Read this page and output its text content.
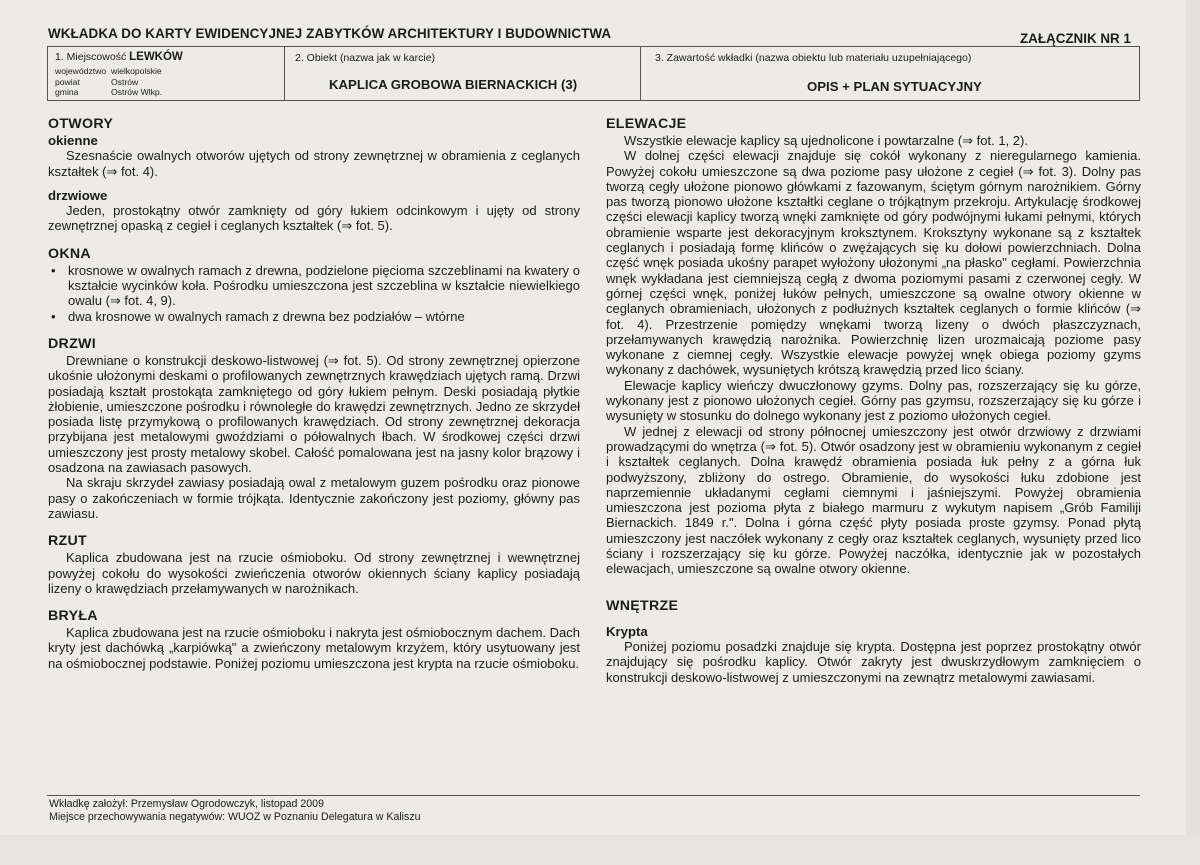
WKŁADKA DO KARTY EWIDENCYJNEJ ZABYTKÓW ARCHITEKTURY I BUDOWNICTWA	ZAŁĄCZNIK NR 1
1. Miejscowość LEWKÓW
województwo wielkopolskie
powiat	Ostrów
gmina	Ostrów Wlkp.
2. Obiekt (nazwa jak w karcie)
KAPLICA GROBOWA BIERNACKICH (3)
3. Zawartość wkładki (nazwa obiektu lub materiału uzupełniającego)
OPIS + PLAN SYTUACYJNY
OTWORY
okienne

Szesnaście owalnych otworów ujętych od strony zewnętrznej w obramienia z ceglanych kształtek (⇒ fot. 4).

drzwiowe

Jeden, prostokątny otwór zamknięty od góry łukiem odcinkowym i ujęty od strony zewnętrznej opaską z cegieł i ceglanych kształtek (⇒ fot. 5).

OKNA
• krosnowe w owalnych ramach z drewna, podzielone pięcioma szczeblinami na kwatery o kształcie wycinków koła. Pośrodku umieszczona jest szczeblina w kształcie niewielkiego owalu (⇒ fot. 4, 9).
• dwa krosnowe w owalnych ramach z drewna bez podziałów – wtórne
DRZWI

Drewniane o konstrukcji deskowo-listwowej (⇒ fot. 5). Od strony zewnętrznej opierzone ukośnie ułożonymi deskami o profilowanych zewnętrznych krawędziach ujętych ramą. Drzwi posiadają kształt prostokąta zamkniętego od góry łukiem pełnym. Deski posiadają płytkie żłobienie, umieszczone pośrodku i równoległe do krawędzi zewnętrznych. Jedno ze skrzydeł posiada listę przymykową o profilowanych krawędziach. Od strony zewnętrznej dekoracja przybijana jest metalowymi gwoździami o półowalnych łbach. W środkowej części drzwi umieszczony jest prosty metalowy skobel. Całość pomalowana jest na jasny kolor brązowy i osadzona na zawiasach pasowych.

Na skraju skrzydeł zawiasy posiadają owal z metalowym guzem pośrodku oraz pionowe pasy o zakończeniach w formie trójkąta. Identycznie zakończony jest poziomy, główny pas zawiasu.

RZUT

Kaplica zbudowana jest na rzucie ośmioboku. Od strony zewnętrznej i wewnętrznej powyżej cokołu do wysokości zwieńczenia otworów okiennych ściany kaplicy posiadają lizeny o krawędziach przełamywanych w narożnikach.

BRYŁA

Kaplica zbudowana jest na rzucie ośmioboku i nakryta jest ośmiobocznym dachem. Dach kryty jest dachówką „karpiówką" a zwieńczony metalowym krzyżem, który usytuowany jest na ośmiobocznej podstawie. Poniżej poziomu umieszczona jest krypta na rzucie ośmioboku.

ELEWACJE

Wszystkie elewacje kaplicy są ujednolicone i powtarzalne (⇒ fot. 1, 2).

W dolnej części elewacji znajduje się cokół wykonany z nieregularnego kamienia. Powyżej cokołu umieszczone są dwa poziome pasy ułożone z cegieł (⇒ fot. 3). Dolny pas tworzą cegły ułożone pionowo główkami z fazowanym, ściętym górnym narożnikiem. Górny pas tworzą pionowo ułożone kształtki ceglane o trójkątnym przekroju. Artykulację środkowej części elewacji kaplicy tworzą wnęki zamknięte od góry podwójnymi łukami pełnymi, których obramienie wsparte jest dekoracyjnym kroksztynem. Kroksztyny wykonane są z kształtek ceglanych i posiadają formę klińców o zwężających się ku dołowi powierzchniach. Dolna część wnęk posiada ukośny parapet wyłożony ułożonymi „na płasko" cegłami. Powierzchnia wnęk wykładana jest ciemniejszą cegłą z dwoma poziomymi pasami z czerwonej cegły. W górnej części wnęk, poniżej łuków pełnych, umieszczone są owalne otwory okienne w ceglanych obramieniach, ułożonych z podłużnych kształtek ceglanych o formie klińców (⇒ fot. 4). Przestrzenie pomiędzy wnękami tworzą lizeny o dwóch płaszczyznach, przełamywanych krawędzią narożnika. Powierzchnię lizen urozmaicają poziome pasy wykonane z ciemnej cegły. Wszystkie elewacje powyżej wnęk obiega poziomy gzyms wykonany z dachówek, wysuniętych krótszą krawędzią przed lico ściany.

Elewacje kaplicy wieńczy dwuczłonowy gzyms. Dolny pas, rozszerzający się ku górze, wykonany jest z pionowo ułożonych cegieł. Górny pas gzymsu, rozszerzający się ku górze i wysunięty w stosunku do dolnego wykonany jest z poziomo ułożonych cegieł.

W jednej z elewacji od strony północnej umieszczony jest otwór drzwiowy z drzwiami prowadzącymi do wnętrza (⇒ fot. 5). Otwór osadzony jest w obramieniu wykonanym z cegieł i kształtek ceglanych. Dolna krawędź obramienia posiada łuk pełny z a górna łuk podwyższony, zbliżony do ostrego. Obramienie, do wysokości łuku zdobione jest naprzemiennie układanymi cegłami ciemnymi i jaśniejszymi. Powyżej obramienia umieszczona jest pozioma płyta z białego marmuru z wykutym napisem „Grób Familiji Biernackich. 1849 r.". Dolna i górna część płyty posiada proste gzymsy. Ponad płytą umieszczony jest naczółek wykonany z cegły oraz kształtek ceglanych, wysunięty przed lico ściany i rozszerzający się ku górze. Powyżej naczółka, identycznie jak w pozostałych elewacjach, umieszczone są owalne otwory okienne.

WNĘTRZE
Krypta

Poniżej poziomu posadzki znajduje się krypta. Dostępna jest poprzez prostokątny otwór znajdujący się pośrodku kaplicy. Otwór zakryty jest dwuskrzydłowym zamknięciem o konstrukcji deskowo-listwowej z umieszczonymi na zewnątrz metalowymi zawiasami.

Wkładkę założył: Przemysław Ogrodowczyk, listopad 2009
Miejsce przechowywania negatywów: WUOZ w Poznaniu Delegatura w Kaliszu
